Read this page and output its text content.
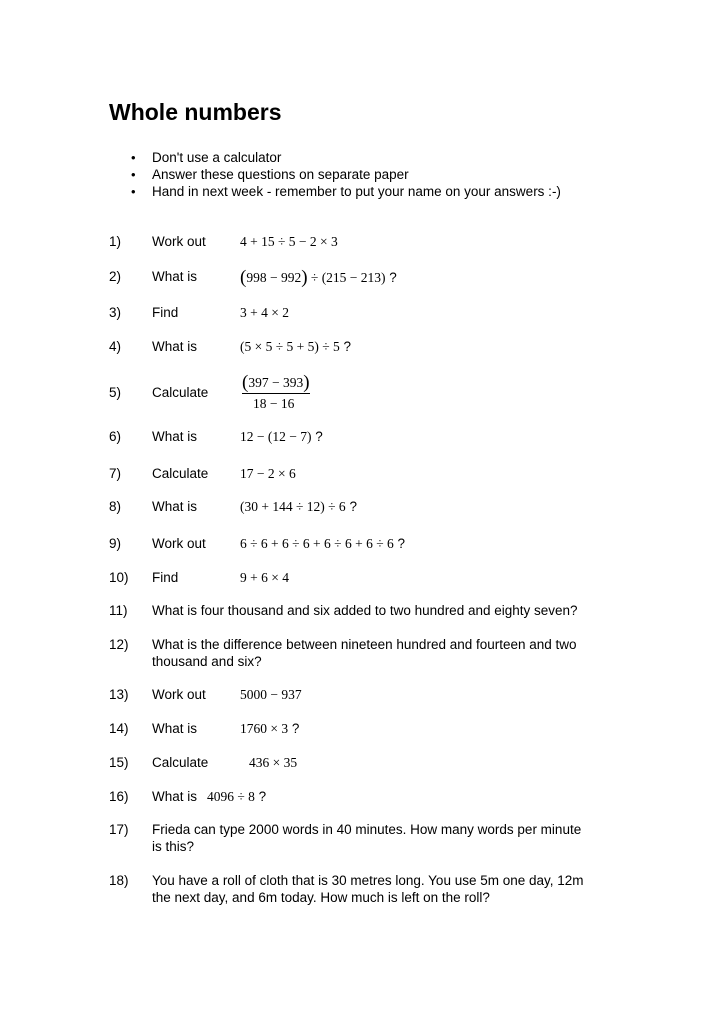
Whole numbers
• Don't use a calculator
• Answer these questions on separate paper
• Hand in next week - remember to put your name on your answers :-)
1)	Work out	4 + 15 ÷ 5 − 2 × 3
2)	What is (998 − 992) ÷ (215 − 213) ?
3)	Find	3 + 4 × 2
4)	What is	(5 × 5 ÷ 5 + 5) ÷ 5 ?
5)	Calculate
$\frac{(397 - 393)}{18 - 16}$
6)	What is	12 − (12 − 7) ?
7)	Calculate 17 − 2 × 6
8)	What is	(30 + 144 ÷ 12) ÷ 6 ?
9)	Work out	6 ÷ 6 + 6 ÷ 6 + 6 ÷ 6 + 6 ÷ 6 ?
10)	Find	9 + 6 × 4
11)	What is four thousand and six added to two hundred and eighty seven?
12)	What is the difference between nineteen hundred and fourteen and two thousand and six?
13)	Work out	5000 − 937
14)	What is	1760 × 3 ?
15)	Calculate	436 × 35
16)	What is 4096 ÷ 8 ?
17)	Frieda can type 2000 words in 40 minutes. How many words per minute is this?
18)	You have a roll of cloth that is 30 metres long. You use 5m one day, 12m the next day, and 6m today. How much is left on the roll?
